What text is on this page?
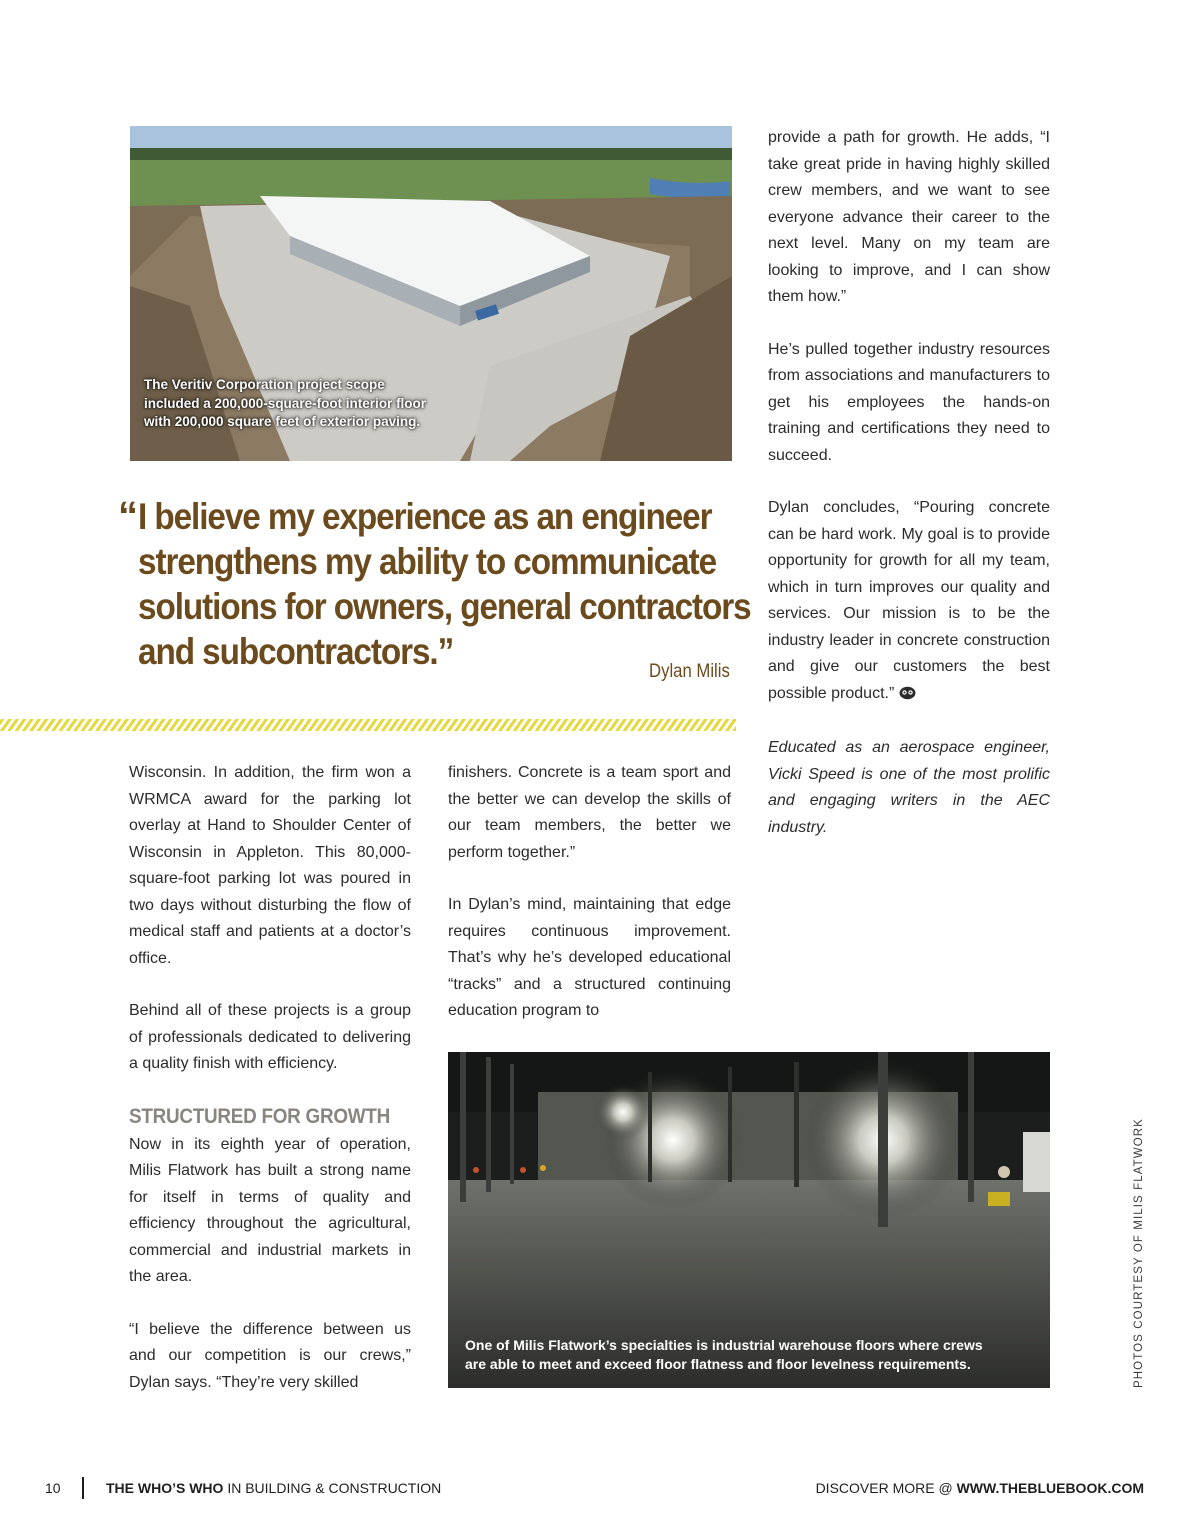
The Veritiv Corporation project scope included a 200,000-square-foot interior floor with 200,000 square feet of exterior paving.
“ I believe my experience as an engineer
strengthens my ability to communicate
solutions for owners, general contractors
and subcontractors.”	Dylan Milis

Wisconsin. In addition, the firm won a WRMCA award for the parking lot overlay at Hand to Shoulder Center of Wisconsin in Appleton. This 80,000-square-foot parking lot was poured in two days without disturbing the flow of medical staff and patients at a doctor’s office.

Behind all of these projects is a group of professionals dedicated to delivering a quality finish with efficiency.

STRUCTURED FOR GROWTH

Now in its eighth year of operation, Milis Flatwork has built a strong name for itself in terms of quality and efficiency throughout the agricultural, commercial and industrial markets in the area.

“I believe the difference between us and our competition is our crews,” Dylan says. “They’re very skilled

finishers. Concrete is a team sport and the better we can develop the skills of our team members, the better we perform together.”

In Dylan’s mind, maintaining that edge requires continuous improvement. That’s why he’s developed educational “tracks” and a structured continuing education program to

provide a path for growth. He adds, “I take great pride in having highly skilled crew members, and we want to see everyone advance their career to the next level. Many on my team are looking to improve, and I can show them how.”

He’s pulled together industry resources from associations and manufacturers to get his employees the hands-on training and certifications they need to succeed.

Dylan concludes, “Pouring concrete can be hard work. My goal is to provide opportunity for growth for all my team, which in turn improves our quality and services. Our mission is to be the industry leader in concrete construction and give our customers the best possible product.”

Educated as an aerospace engineer, Vicki Speed is one of the most prolific and engaging writers in the AEC industry.

One of Milis Flatwork’s specialties is industrial warehouse floors where crews
are able to meet and exceed floor flatness and floor levelness requirements.	PHOTOS COURTESY OF MILIS FLATWORK
10	THE WHO’S WHO IN BUILDING & CONSTRUCTION	DISCOVER MORE @ WWW.THEBLUEBOOK.COM
